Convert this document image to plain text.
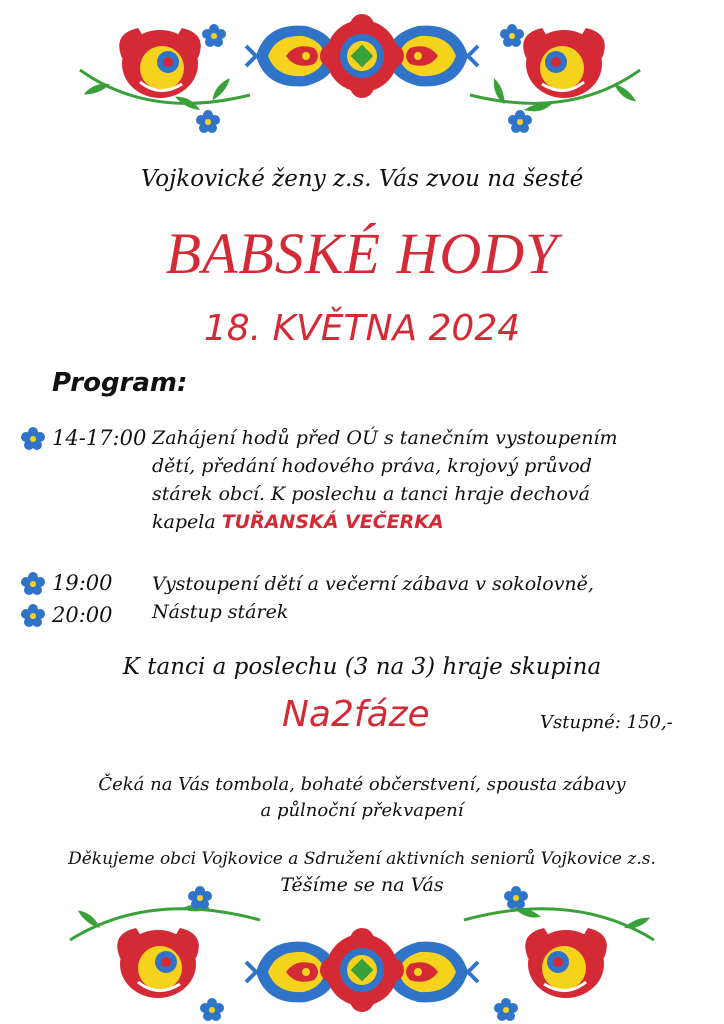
Vojkovické ženy z.s. Vás zvou na šesté
BABSKÉ HODY
18. KVĚTNA 2024
Program:
14-17:00 Zahájení hodů před OÚ s tanečním vystoupením
dětí, předání hodového práva, krojový průvod
stárek obcí. K poslechu a tanci hraje dechová
kapela TUŘANSKÁ VEČERKA
19:00 Vystoupení dětí a večerní zábava v sokolovně,
20:00 Nástup stárek
K tanci a poslechu (3 na 3) hraje skupina
Na2fáze	Vstupné: 150,-
Čeká na Vás tombola, bohaté občerstvení, spousta zábavy
a půlnoční překvapení
Děkujeme obci Vojkovice a Sdružení aktivních seniorů Vojkovice z.s.
Těšíme se na Vás
